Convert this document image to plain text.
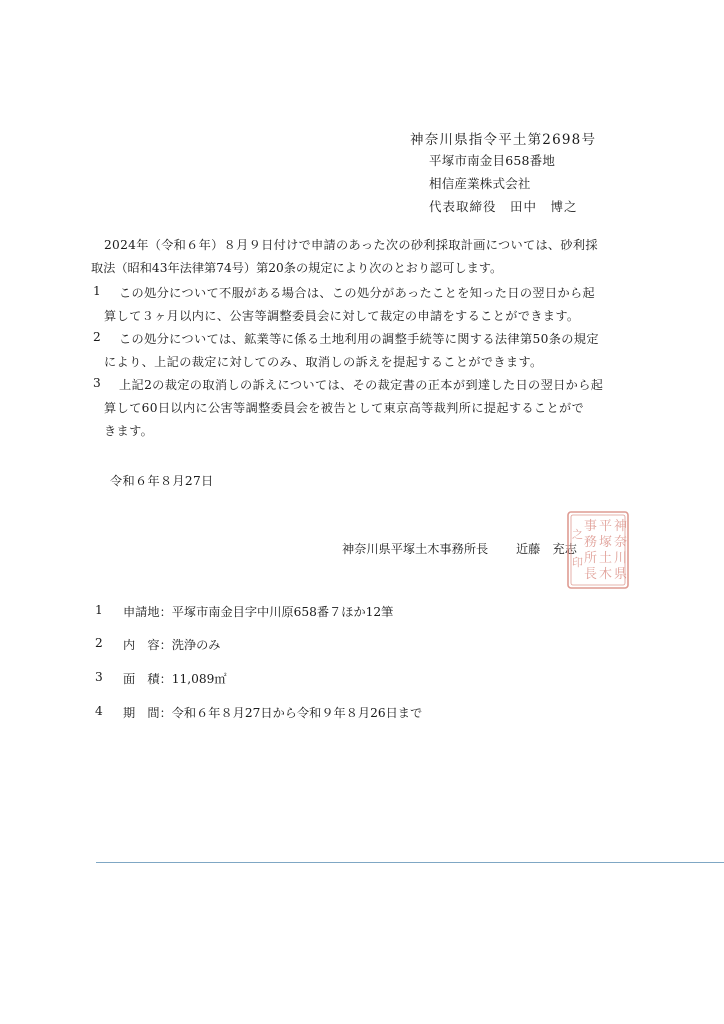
神奈川県指令平土第2698号
平塚市南金目658番地
相信産業株式会社
代表取締役　田中　博之
2024年（令和６年）８月９日付けで申請のあった次の砂利採取計画については、砂利採
取法（昭和43年法律第74号）第20条の規定により次のとおり認可します。
1 この処分について不服がある場合は、この処分があったことを知った日の翌日から起
算して３ヶ月以内に、公害等調整委員会に対して裁定の申請をすることができます。
2 この処分については、鉱業等に係る土地利用の調整手続等に関する法律第50条の規定
により、上記の裁定に対してのみ、取消しの訴えを提起することができます。
3 上記2の裁定の取消しの訴えについては、その裁定書の正本が到達した日の翌日から起
算して60日以内に公害等調整委員会を被告として東京高等裁判所に提起することがで
きます。
令和６年８月27日
神奈川県平塚土木事務所長 近藤　充志
神
奈
川
県
平
塚
土
木
事
務
所
長
之
印
1 申請地：平塚市南金目字中川原658番７ほか12筆
2 内　容：洗浄のみ
3 面　積：11,089㎡
4 期　間：令和６年８月27日から令和９年８月26日まで
